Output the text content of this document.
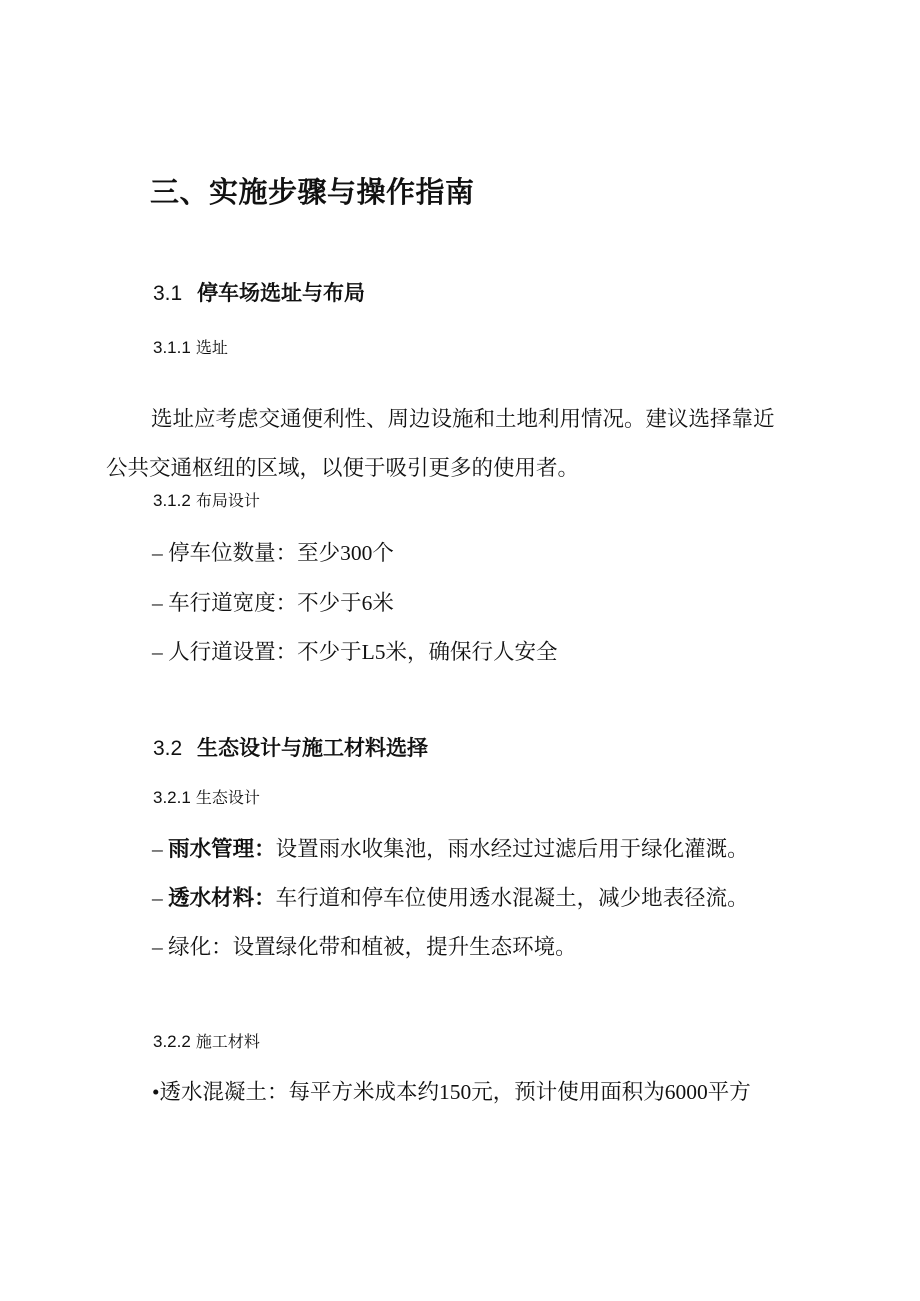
三、实施步骤与操作指南
3.1 停车场选址与布局
3.1.1 选址
选址应考虑交通便利性、周边设施和土地利用情况。建议选择靠近
公共交通枢纽的区域，以便于吸引更多的使用者。
3.1.2 布局设计
– 停车位数量：至少300个
– 车行道宽度：不少于6米
– 人行道设置：不少于L5米，确保行人安全
3.2 生态设计与施工材料选择
3.2.1 生态设计
– 雨水管理：设置雨水收集池，雨水经过过滤后用于绿化灌溉。
– 透水材料：车行道和停车位使用透水混凝土，减少地表径流。
– 绿化：设置绿化带和植被，提升生态环境。
3.2.2 施工材料
•透水混凝土：每平方米成本约150元，预计使用面积为6000平方
